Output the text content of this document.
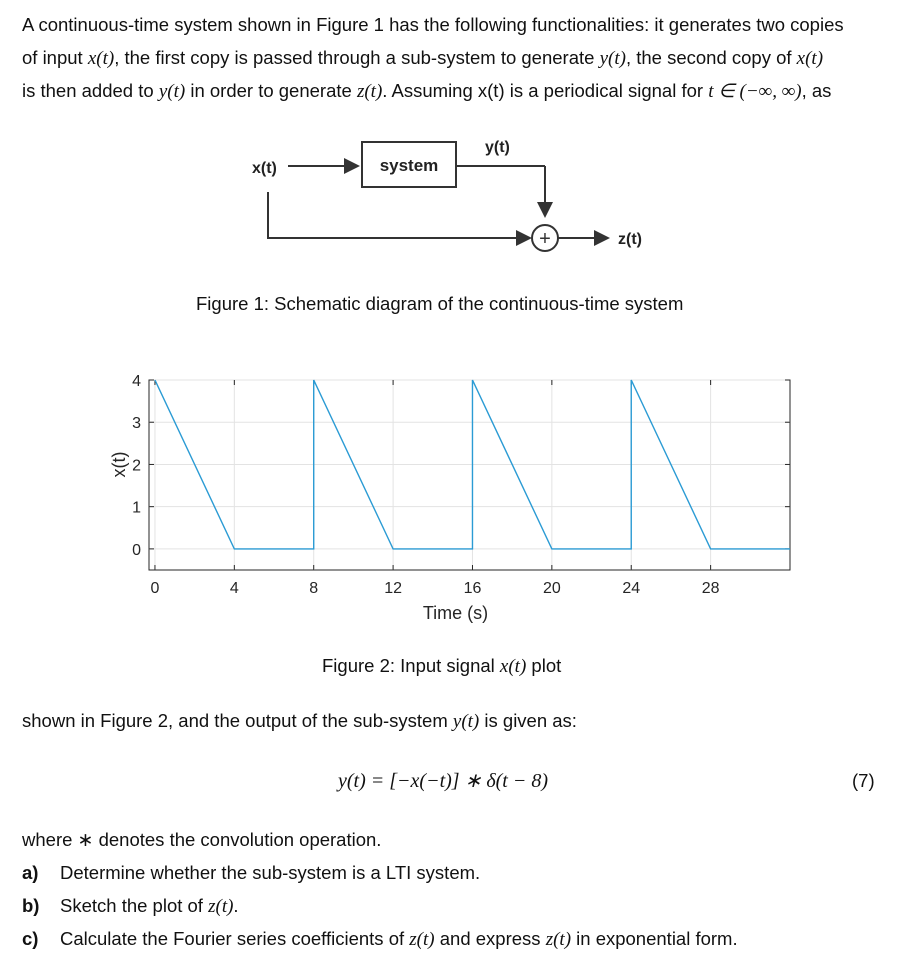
A continuous-time system shown in Figure 1 has the following functionalities: it generates two copies
of input x(t), the first copy is passed through a sub-system to generate y(t), the second copy of x(t)
is then added to y(t) in order to generate z(t). Assuming x(t) is a periodical signal for t ∈ (−∞, ∞), as
x(t)	system
y(t)
+	z(t)
Figure 1: Schematic diagram of the continuous-time system
0	4	8	12	16	20	24	28
0
1
2
3
4
Time (s)
x(t)
Figure 2: Input signal x(t) plot
shown in Figure 2, and the output of the sub-system y(t) is given as:
y(t) = [−x(−t)] ∗ δ(t − 8)	(7)
where ∗ denotes the convolution operation.
a) Determine whether the sub-system is a LTI system.
b) Sketch the plot of z(t).
c) Calculate the Fourier series coefficients of z(t) and express z(t) in exponential form.
